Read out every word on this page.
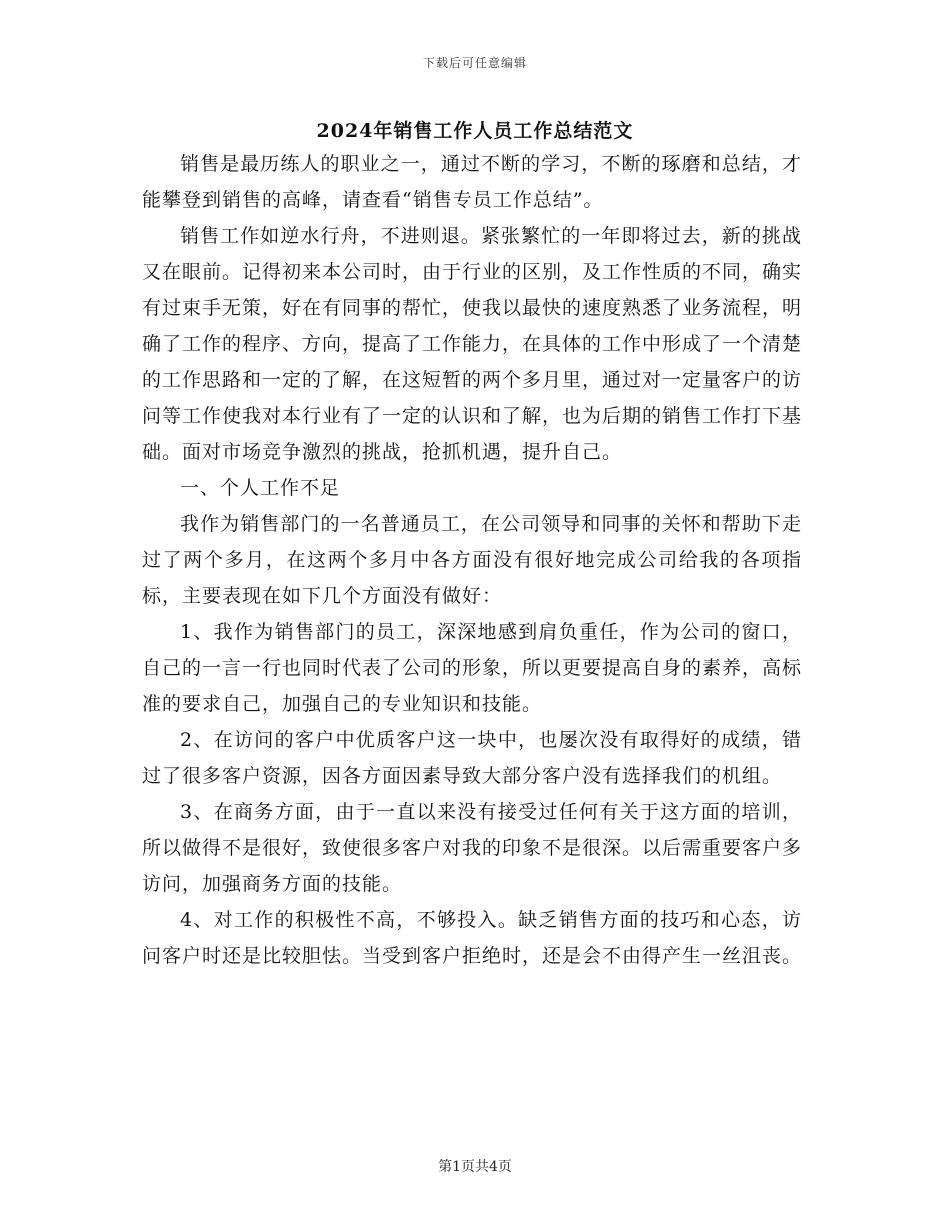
下载后可任意编辑
2024年销售工作人员工作总结范文

销售是最历练人的职业之一，通过不断的学习，不断的琢磨和总结，才能攀登到销售的高峰，请查看“销售专员工作总结”。

销售工作如逆水行舟，不进则退。紧张繁忙的一年即将过去，新的挑战又在眼前。记得初来本公司时，由于行业的区别，及工作性质的不同，确实有过束手无策，好在有同事的帮忙，使我以最快的速度熟悉了业务流程，明确了工作的程序、方向，提高了工作能力，在具体的工作中形成了一个清楚的工作思路和一定的了解，在这短暂的两个多月里，通过对一定量客户的访问等工作使我对本行业有了一定的认识和了解，也为后期的销售工作打下基础。面对市场竞争激烈的挑战，抢抓机遇，提升自己。

一、个人工作不足

我作为销售部门的一名普通员工，在公司领导和同事的关怀和帮助下走过了两个多月，在这两个多月中各方面没有很好地完成公司给我的各项指标，主要表现在如下几个方面没有做好：

1、我作为销售部门的员工，深深地感到肩负重任，作为公司的窗口，自己的一言一行也同时代表了公司的形象，所以更要提高自身的素养，高标准的要求自己，加强自己的专业知识和技能。

2、在访问的客户中优质客户这一块中，也屡次没有取得好的成绩，错过了很多客户资源，因各方面因素导致大部分客户没有选择我们的机组。

3、在商务方面，由于一直以来没有接受过任何有关于这方面的培训，所以做得不是很好，致使很多客户对我的印象不是很深。以后需重要客户多访问，加强商务方面的技能。

4、对工作的积极性不高，不够投入。缺乏销售方面的技巧和心态，访问客户时还是比较胆怯。当受到客户拒绝时，还是会不由得产生一丝沮丧。

第1页共4页
